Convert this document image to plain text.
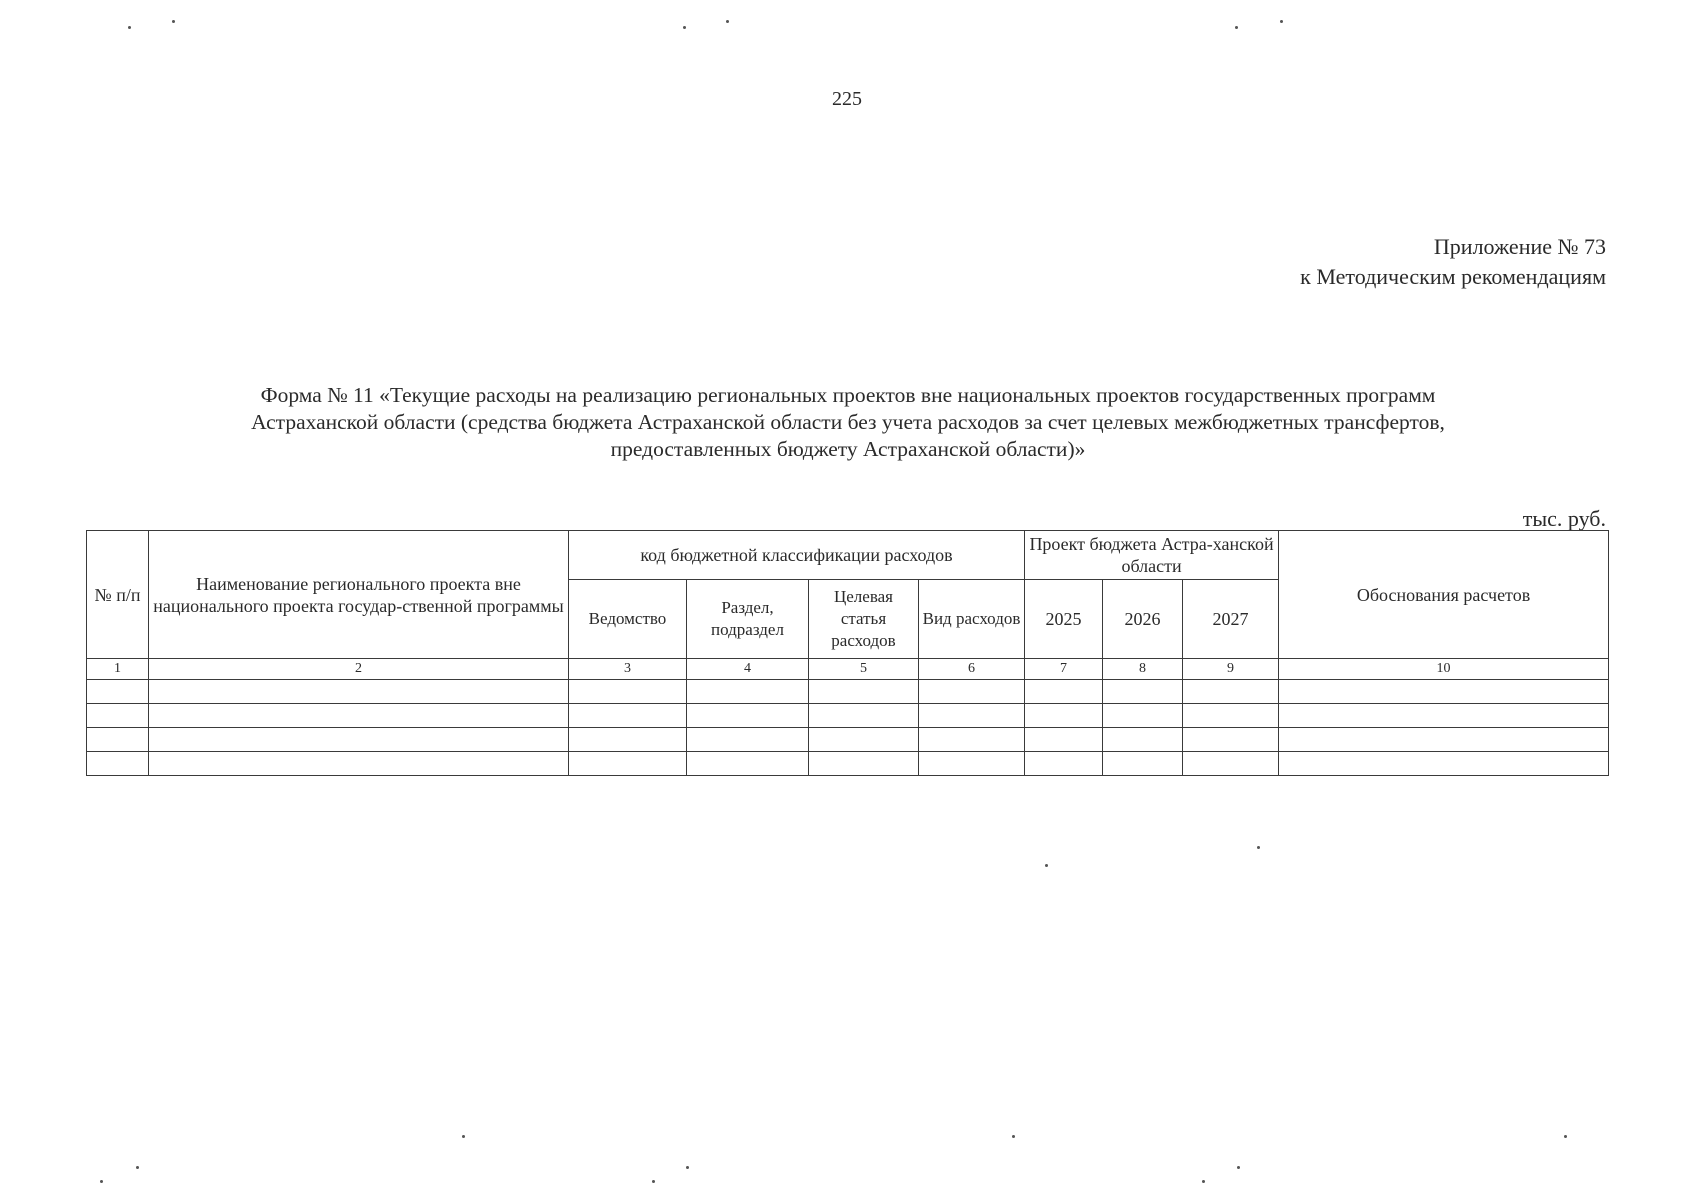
225
Приложение № 73
к Методическим рекомендациям
Форма № 11 «Текущие расходы на реализацию региональных проектов вне национальных проектов государственных программ
Астраханской области (средства бюджета Астраханской области без учета расходов за счет целевых межбюджетных трансфертов,
предоставленных бюджету Астраханской области)»
тыс. руб.
№ п/п	Наименование регионального проекта вне национального проекта государ-ственной программы	код бюджетной классификации расходов				Проект бюджета Астра-ханской области			Обоснования расчетов
		Ведомство	Раздел, подраздел	Целевая статья расходов	Вид расходов	2025	2026	2027	
1	2	3	4	5	6	7	8	9	10
